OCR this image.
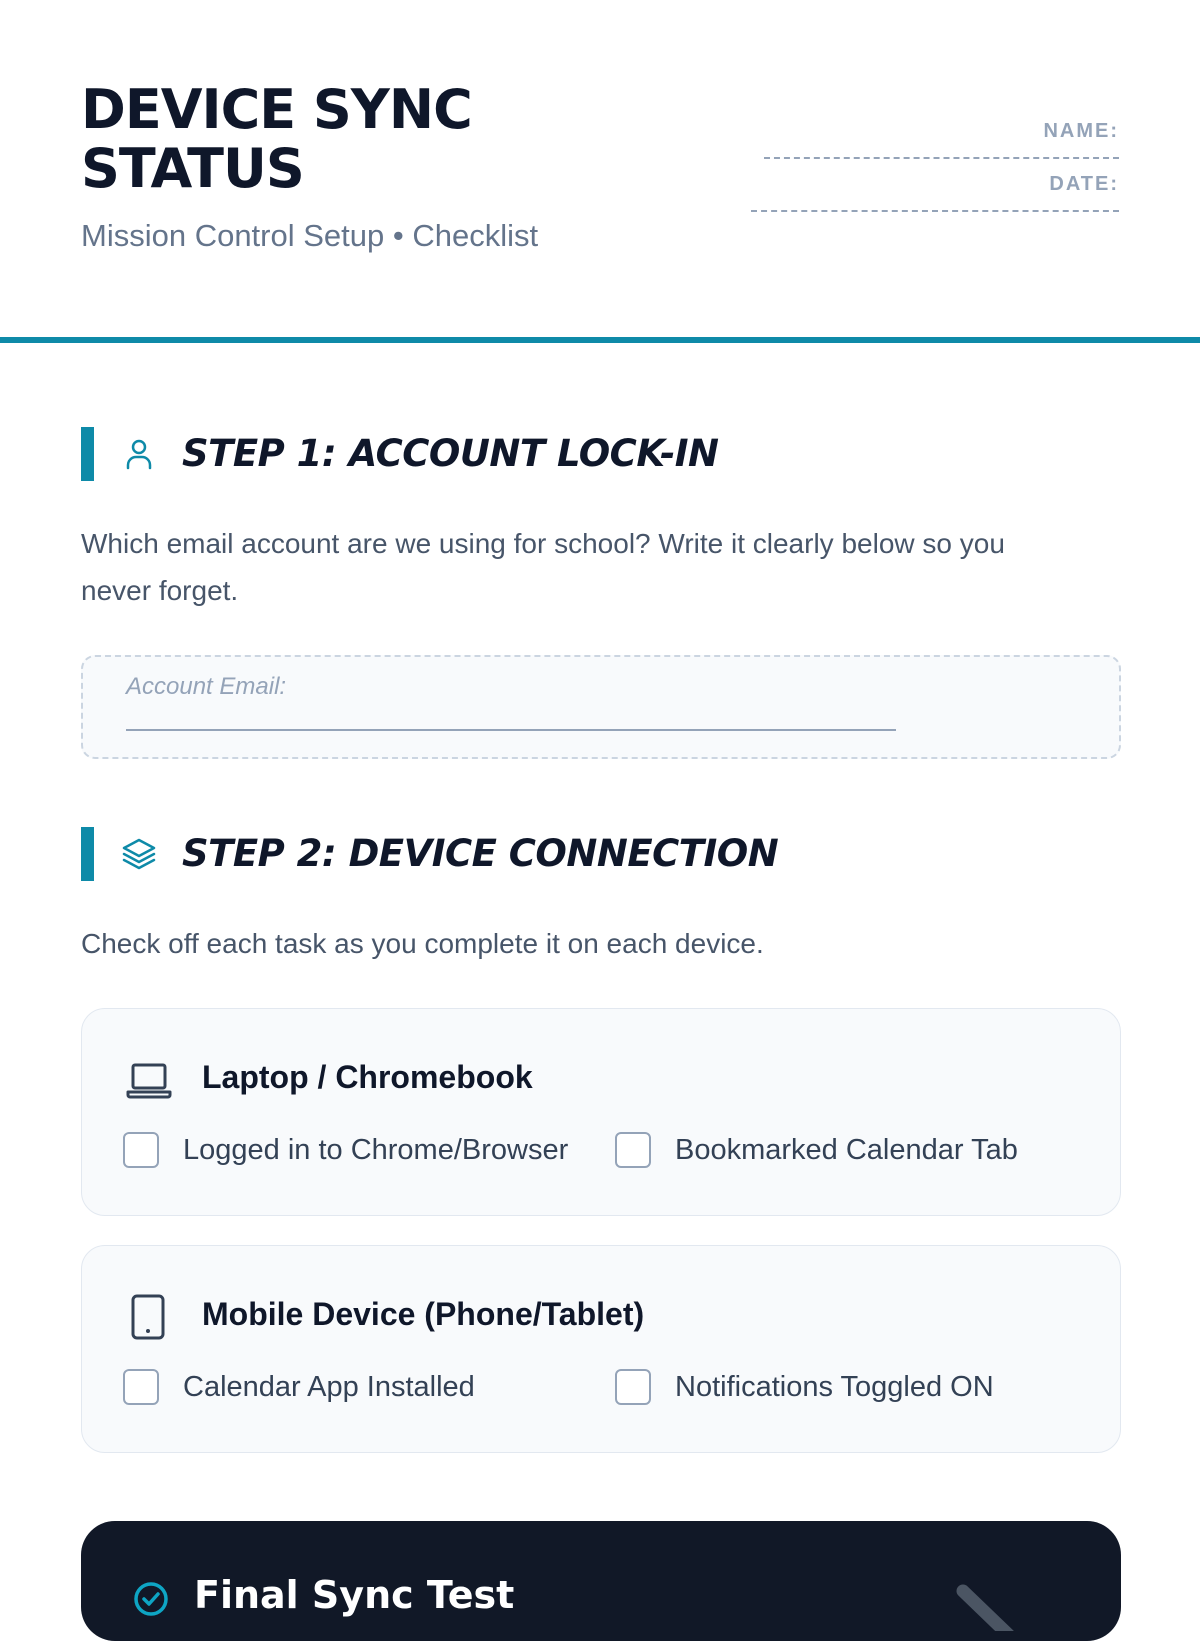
DEVICE SYNC STATUS
Mission Control Setup • Checklist
NAME:
DATE:
STEP 1: ACCOUNT LOCK-IN

Which email account are we using for school? Write it clearly below so you never forget.

Account Email:
STEP 2: DEVICE CONNECTION

Check off each task as you complete it on each device.

Laptop / Chromebook
Logged in to Chrome/Browser	Bookmarked Calendar Tab
Mobile Device (Phone/Tablet)
Calendar App Installed	Notifications Toggled ON
Final Sync Test
